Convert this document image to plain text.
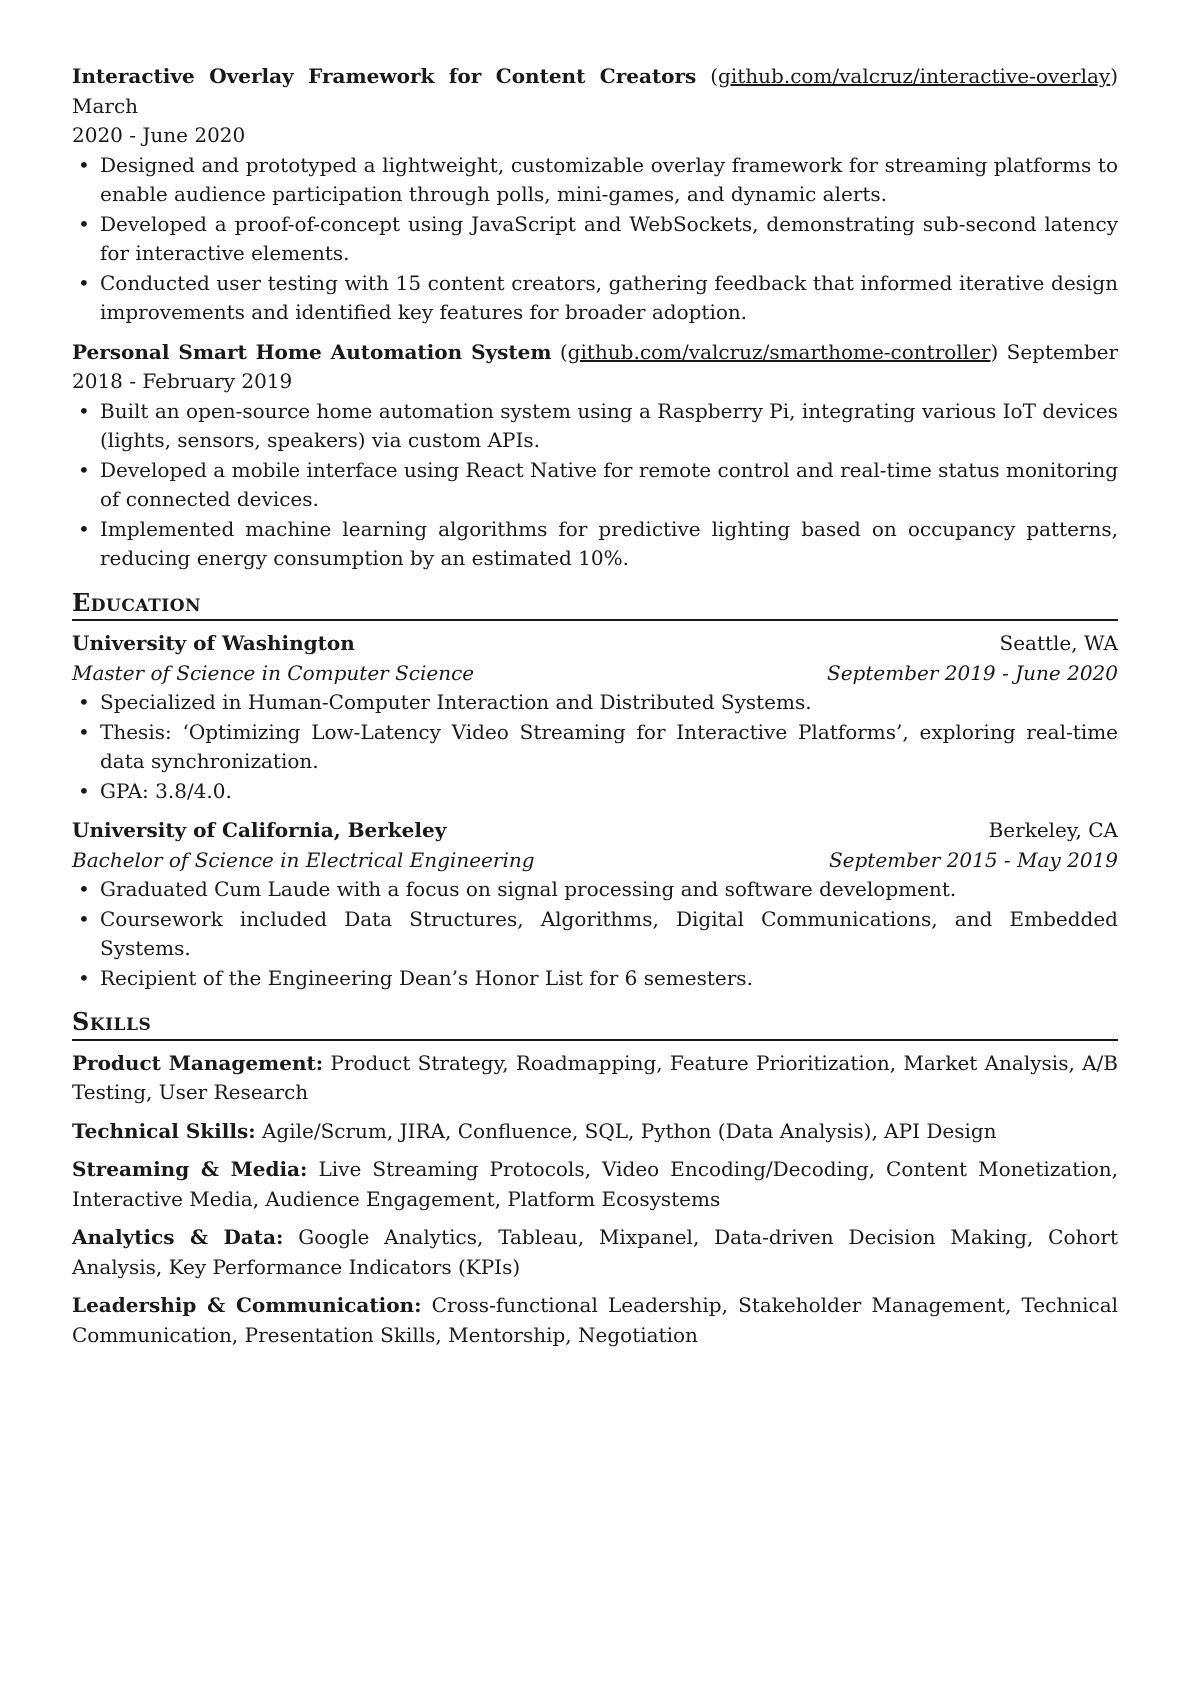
Interactive Overlay Framework for Content Creators (github.com/valcruz/interactive-overlay) March
2020 - June 2020
• Designed and prototyped a lightweight, customizable overlay framework for streaming platforms to enable audience participation through polls, mini-games, and dynamic alerts.
• Developed a proof-of-concept using JavaScript and WebSockets, demonstrating sub-second latency for interactive elements.
• Conducted user testing with 15 content creators, gathering feedback that informed iterative design improvements and identified key features for broader adoption.
Personal Smart Home Automation System (github.com/valcruz/smarthome-controller) September
2018 - February 2019
• Built an open-source home automation system using a Raspberry Pi, integrating various IoT devices (lights, sensors, speakers) via custom APIs.
• Developed a mobile interface using React Native for remote control and real-time status monitoring of connected devices.
• Implemented machine learning algorithms for predictive lighting based on occupancy patterns, reducing energy consumption by an estimated 10%.
Education
University of Washington	Seattle, WA
Master of Science in Computer Science	September 2019 - June 2020
• Specialized in Human-Computer Interaction and Distributed Systems.
• Thesis: ‘Optimizing Low-Latency Video Streaming for Interactive Platforms’, exploring real-time data synchronization.
• GPA: 3.8/4.0.
University of California, Berkeley	Berkeley, CA
Bachelor of Science in Electrical Engineering	September 2015 - May 2019
• Graduated Cum Laude with a focus on signal processing and software development.
• Coursework included Data Structures, Algorithms, Digital Communications, and Embedded Systems.
• Recipient of the Engineering Dean’s Honor List for 6 semesters.
Skills
Product Management: Product Strategy, Roadmapping, Feature Prioritization, Market Analysis, A/B Testing, User Research
Technical Skills: Agile/Scrum, JIRA, Confluence, SQL, Python (Data Analysis), API Design
Streaming & Media: Live Streaming Protocols, Video Encoding/Decoding, Content Monetization, Interactive Media, Audience Engagement, Platform Ecosystems
Analytics & Data: Google Analytics, Tableau, Mixpanel, Data-driven Decision Making, Cohort Analysis, Key Performance Indicators (KPIs)
Leadership & Communication: Cross-functional Leadership, Stakeholder Management, Technical Communication, Presentation Skills, Mentorship, Negotiation
